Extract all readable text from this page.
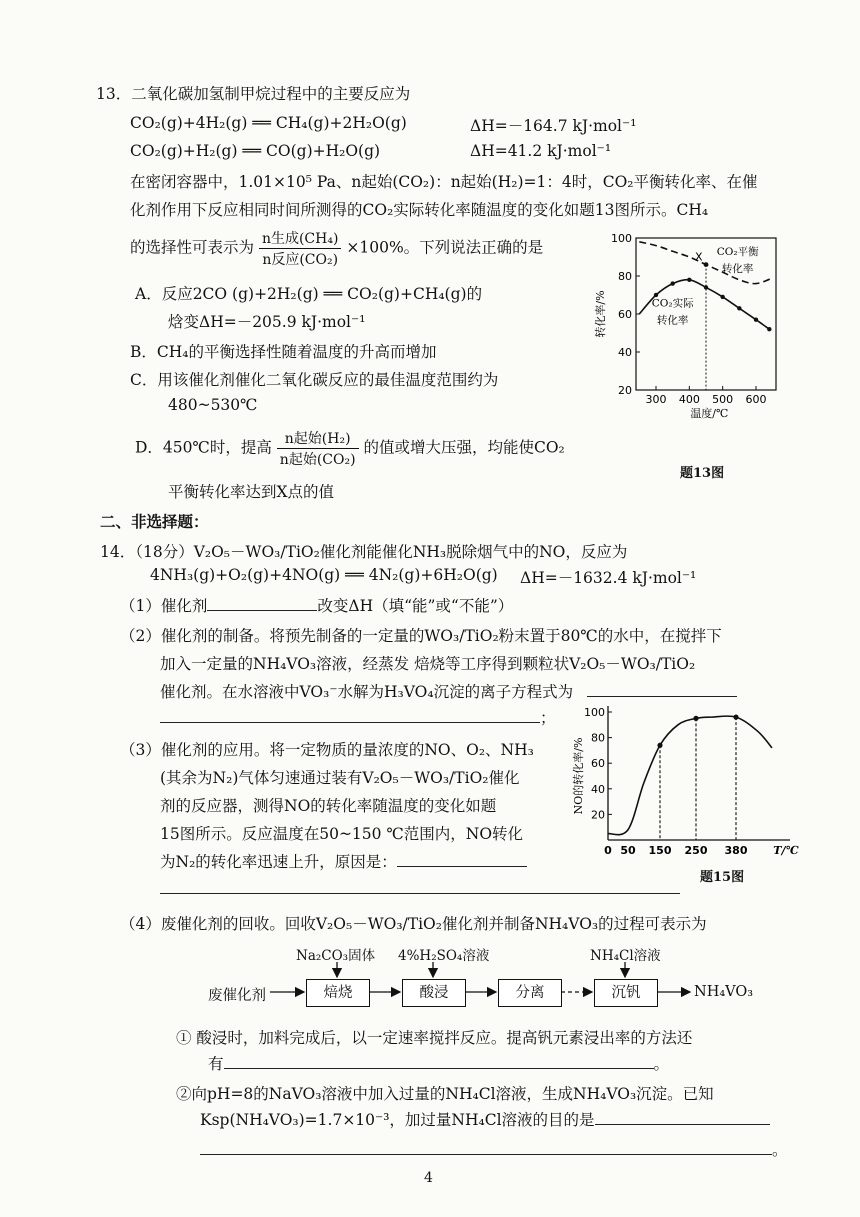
13．二氧化碳加氢制甲烷过程中的主要反应为
CO₂(g)+4H₂(g) ══ CH₄(g)+2H₂O(g)	ΔH=－164.7 kJ·mol⁻¹
CO₂(g)+H₂(g) ══ CO(g)+H₂O(g)	ΔH=41.2 kJ·mol⁻¹
在密闭容器中，1.01×10⁵ Pa、n起始(CO₂)：n起始(H₂)=1：4时，CO₂平衡转化率、在催
化剂作用下反应相同时间所测得的CO₂实际转化率随温度的变化如题13图所示。CH₄
的选择性可表示为 $\frac{\text{n生成(CH₄)}}{\text{n反应(CO₂)}} \times 100\%$。下列说法正确的是
A．反应2CO (g)+2H₂(g) ══ CO₂(g)+CH₄(g)的
焓变ΔH=－205.9 kJ·mol⁻¹
B．CH₄的平衡选择性随着温度的升高而增加
C．用该催化剂催化二氧化碳反应的最佳温度范围约为
480~530℃
D．450℃时，提高 $\frac{\text{n起始(H₂)}}{\text{n起始(CO₂)}}$ 的值或增大压强，均能使CO₂
平衡转化率达到X点的值
20
40
60
80
100
300 400 500 600
转化率/%
温度/℃
X CO₂平衡
转化率
CO₂实际
转化率
题13图
二、非选择题：
14．（18分）V₂O₅－WO₃/TiO₂催化剂能催化NH₃脱除烟气中的NO，反应为
4NH₃(g)+O₂(g)+4NO(g) ══ 4N₂(g)+6H₂O(g) ΔH=－1632.4 kJ·mol⁻¹
（1）催化剂	改变ΔH（填“能”或“不能”）
（2）催化剂的制备。将预先制备的一定量的WO₃/TiO₂粉末置于80℃的水中，在搅拌下
加入一定量的NH₄VO₃溶液，经蒸发 焙烧等工序得到颗粒状V₂O₅－WO₃/TiO₂
催化剂。在水溶液中VO₃⁻水解为H₃VO₄沉淀的离子方程式为
；
（3）催化剂的应用。将一定物质的量浓度的NO、O₂、NH₃
(其余为N₂)气体匀速通过装有V₂O₅－WO₃/TiO₂催化
剂的反应器，测得NO的转化率随温度的变化如题
15图所示。反应温度在50~150 ℃范围内，NO转化
为N₂的转化率迅速上升，原因是：
20
40
60
80
100
0 50 150 250 380 T/℃
NO的转化率/%
题15图
（4）废催化剂的回收。回收V₂O₅－WO₃/TiO₂催化剂并制备NH₄VO₃的过程可表示为
废催化剂
Na₂CO₃固体 4%H₂SO₄溶液	NH₄Cl溶液
焙烧	酸浸	分离	沉钒	NH₄VO₃
① 酸浸时，加料完成后，以一定速率搅拌反应。提高钒元素浸出率的方法还
有	。
②向pH=8的NaVO₃溶液中加入过量的NH₄Cl溶液，生成NH₄VO₃沉淀。已知
Ksp(NH₄VO₃)=1.7×10⁻³，加过量NH₄Cl溶液的目的是
。
4
